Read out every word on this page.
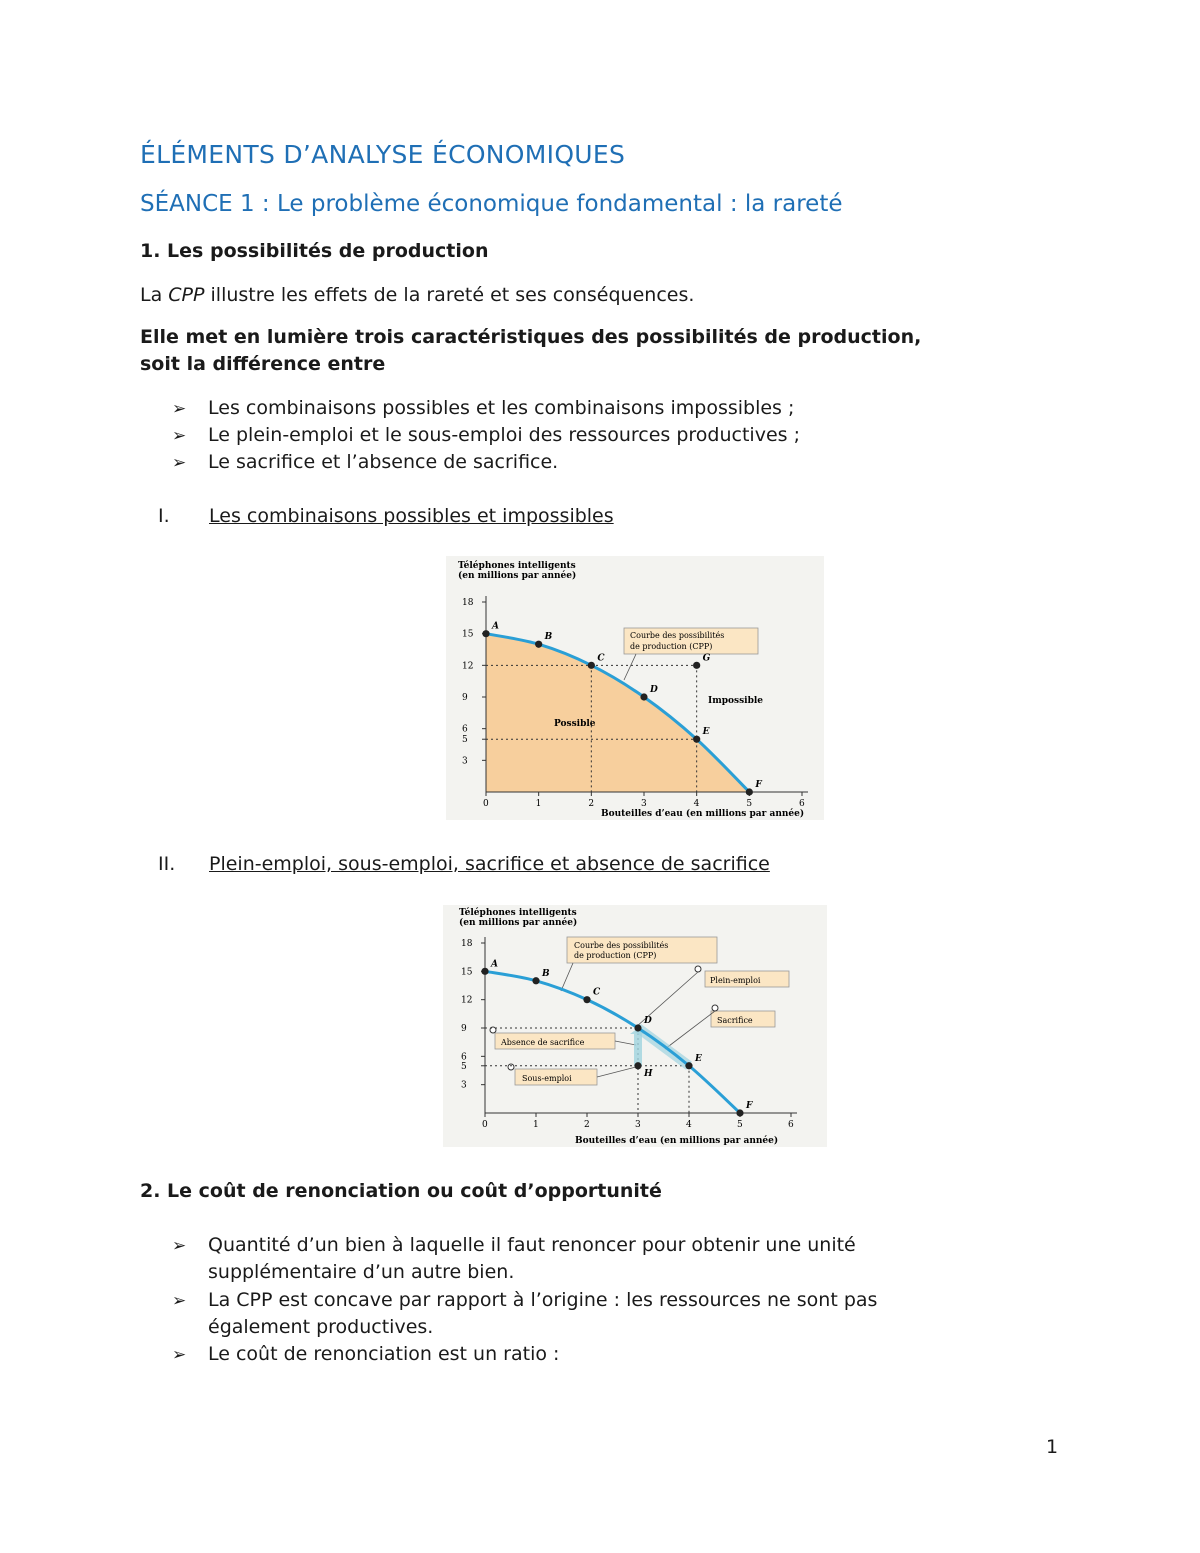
ÉLÉMENTS D’ANALYSE ÉCONOMIQUES
SÉANCE 1 : Le problème économique fondamental : la rareté
1. Les possibilités de production
La CPP illustre les effets de la rareté et ses conséquences.
Elle met en lumière trois caractéristiques des possibilités de production,
soit la différence entre
➢ Les combinaisons possibles et les combinaisons impossibles ;
➢ Le plein-emploi et le sous-emploi des ressources productives ;
➢ Le sacrifice et l’absence de sacrifice.
I. Les combinaisons possibles et impossibles
Téléphones intelligents
(en millions par année)
Bouteilles d’eau (en millions par année)
Possible
Impossible
Courbe des possibilités
de production (CPP)
0	1	2	3	4	5	6
3
5
6
9
12
15
18
A
B
C
D
E
F
G
II. Plein-emploi, sous-emploi, sacrifice et absence de sacrifice
Téléphones intelligents
(en millions par année)
Bouteilles d’eau (en millions par année)
Courbe des possibilités
de production (CPP)
Plein-emploi
Sacrifice
Absence de sacrifice
Sous-emploi
0	1	2	3	4	5	6
3
5
6
9
12
15
18
A
B
C
D
E
F
H
2. Le coût de renonciation ou coût d’opportunité
➢ Quantité d’un bien à laquelle il faut renoncer pour obtenir une unité
supplémentaire d’un autre bien.
➢ La CPP est concave par rapport à l’origine : les ressources ne sont pas
également productives.
➢ Le coût de renonciation est un ratio :
1
